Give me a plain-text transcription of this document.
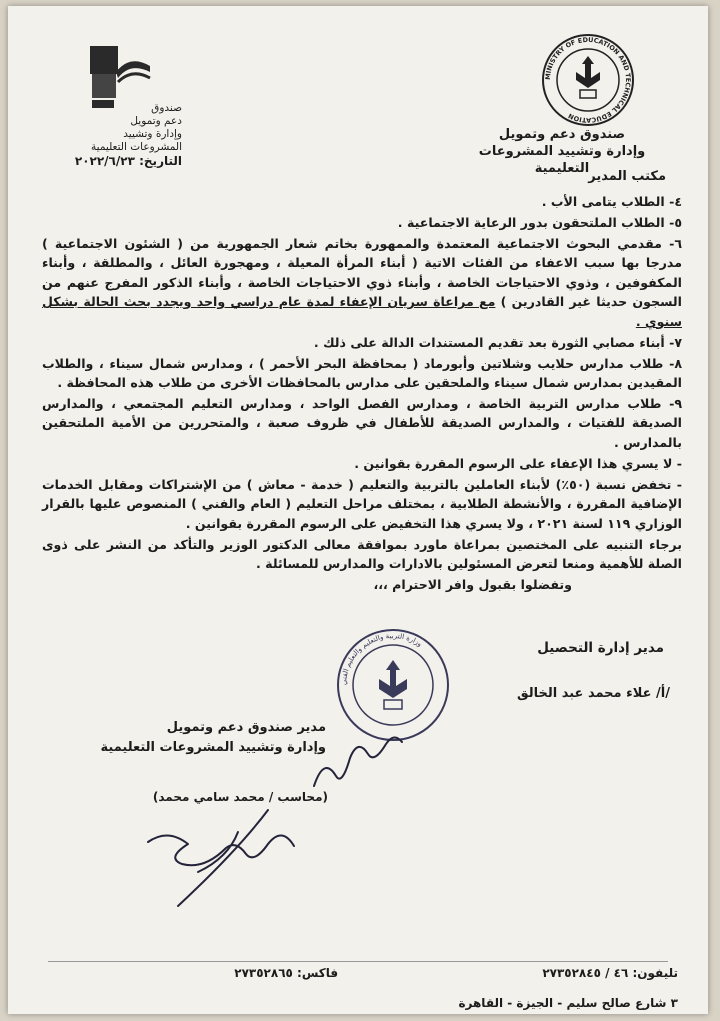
MINISTRY OF EDUCATION AND TECHNICAL EDUCATION
صندوق دعم وتمويل
وإدارة وتشييد المشروعات التعليمية
مكتب المدير
صندوق
دعم وتمويل
وإدارة وتشييد
المشروعات التعليمية
التاريخ: ٢٠٢٢/٦/٢٣

٤- الطلاب يتامى الأب .

٥- الطلاب الملتحقون بدور الرعاية الاجتماعية .

٦- مقدمي البحوث الاجتماعية المعتمدة والممهورة بخاتم شعار الجمهورية من ( الشئون الاجتماعية ) مدرجا بها سبب الاعفاء من الفئات الاتية ( أبناء المرأة المعيلة ، ومهجورة العائل ، والمطلقة ، وأبناء المكفوفين ، وذوي الاحتياجات الخاصة ، وأبناء ذوي الاحتياجات الخاصة ، وأبناء الذكور المفرج عنهم من السجون حديثا غير القادرين ) مع مراعاة سريان الإعفاء لمدة عام دراسي واحد ويجدد بحث الحالة بشكل سنوي .

٧- أبناء مصابي الثورة بعد تقديم المستندات الدالة على ذلك .

٨- طلاب مدارس حلايب وشلاتين وأبورماد ( بمحافظة البحر الأحمر ) ، ومدارس شمال سيناء ، والطلاب المقيدين بمدارس شمال سيناء والملحقين على مدارس بالمحافظات الأخرى من طلاب هذه المحافظة .

٩- طلاب مدارس التربية الخاصة ، ومدارس الفصل الواحد ، ومدارس التعليم المجتمعي ، والمدارس الصديقة للفتيات ، والمدارس الصديقة للأطفال في ظروف صعبة ، والمتحررين من الأمية الملتحقين بالمدارس .

- لا يسري هذا الإعفاء على الرسوم المقررة بقوانين .

- تخفض نسبة (٥٠٪) لأبناء العاملين بالتربية والتعليم ( خدمة - معاش ) من الإشتراكات ومقابل الخدمات الإضافية المقررة ، والأنشطة الطلابية ، بمختلف مراحل التعليم ( العام والفني ) المنصوص عليها بالقرار الوزاري ١١٩ لسنة ٢٠٢١ ، ولا يسري هذا التخفيض على الرسوم المقررة بقوانين .

برجاء التنبيه على المختصين بمراعاة ماورد بموافقة معالى الدكتور الوزير والتأكد من النشر على ذوى الصلة للأهمية ومنعا لتعرض المسئولين بالادارات والمدارس للمسائلة .

وتفضلوا بقبول وافر الاحترام ،،،

مدير إدارة التحصيل
/أ/ علاء محمد عبد الخالق
وزارة التربية والتعليم والتعليم الفني
مدير صندوق دعم وتمويل
وإدارة وتشييد المشروعات التعليمية
(محاسب / محمد سامي محمد)
تليفون: ٤٦ / ٢٧٣٥٢٨٤٥ فاكس: ٢٧٣٥٢٨٦٥
٣ شارع صالح سليم - الجيزة - القاهرة
